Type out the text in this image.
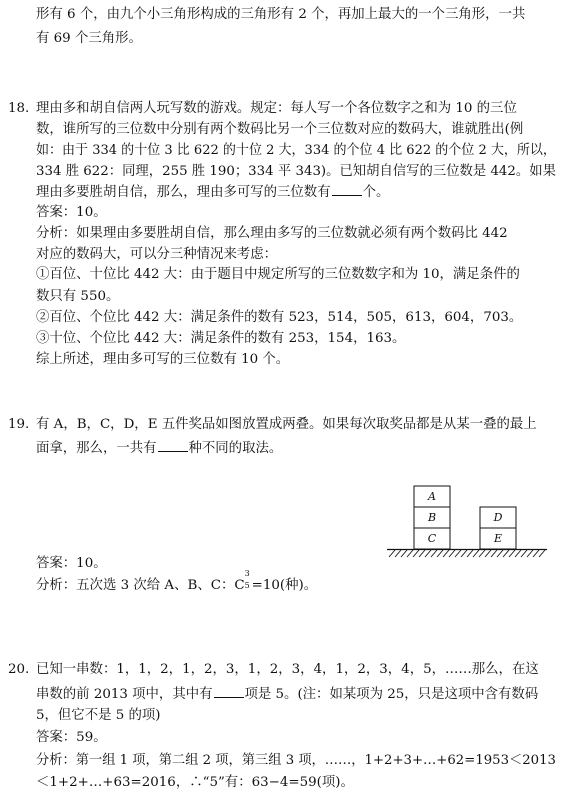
形有 6 个，由九个小三角形构成的三角形有 2 个，再加上最大的一个三角形，一共
有 69 个三角形。
18. 理由多和胡自信两人玩写数的游戏。规定：每人写一个各位数字之和为 10 的三位
数，谁所写的三位数中分别有两个数码比另一个三位数对应的数码大，谁就胜出(例
如：由于 334 的十位 3 比 622 的十位 2 大，334 的个位 4 比 622 的个位 2 大，所以，
334 胜 622：同理，255 胜 190；334 平 343)。已知胡自信写的三位数是 442。如果
理由多要胜胡自信，那么，理由多可写的三位数有 个。
答案：10。
分析：如果理由多要胜胡自信，那么理由多写的三位数就必须有两个数码比 442
对应的数码大，可以分三种情况来考虑：
①百位、十位比 442 大：由于题目中规定所写的三位数数字和为 10，满足条件的
数只有 550。
②百位、个位比 442 大：满足条件的数有 523，514，505，613，604，703。
③十位、个位比 442 大：满足条件的数有 253，154，163。
综上所述，理由多可写的三位数有 10 个。
19. 有 A，B，C，D，E 五件奖品如图放置成两叠。如果每次取奖品都是从某一叠的最上
面拿，那么，一共有 种不同的取法。
A
B
C
D
E
答案：10。
分析：五次选 3 次给 A、B、C：C
3
5 =10(种)。
20. 已知一串数：1，1，2，1，2，3，1，2，3，4，1，2，3，4，5，……那么，在这
串数的前 2013 项中，其中有 项是 5。(注：如某项为 25，只是这项中含有数码
5，但它不是 5 的项)
答案：59。
分析：第一组 1 项，第二组 2 项，第三组 3 项，……，1+2+3+…+62=1953＜2013
＜1+2+…+63=2016，∴“5”有：63−4=59(项)。
